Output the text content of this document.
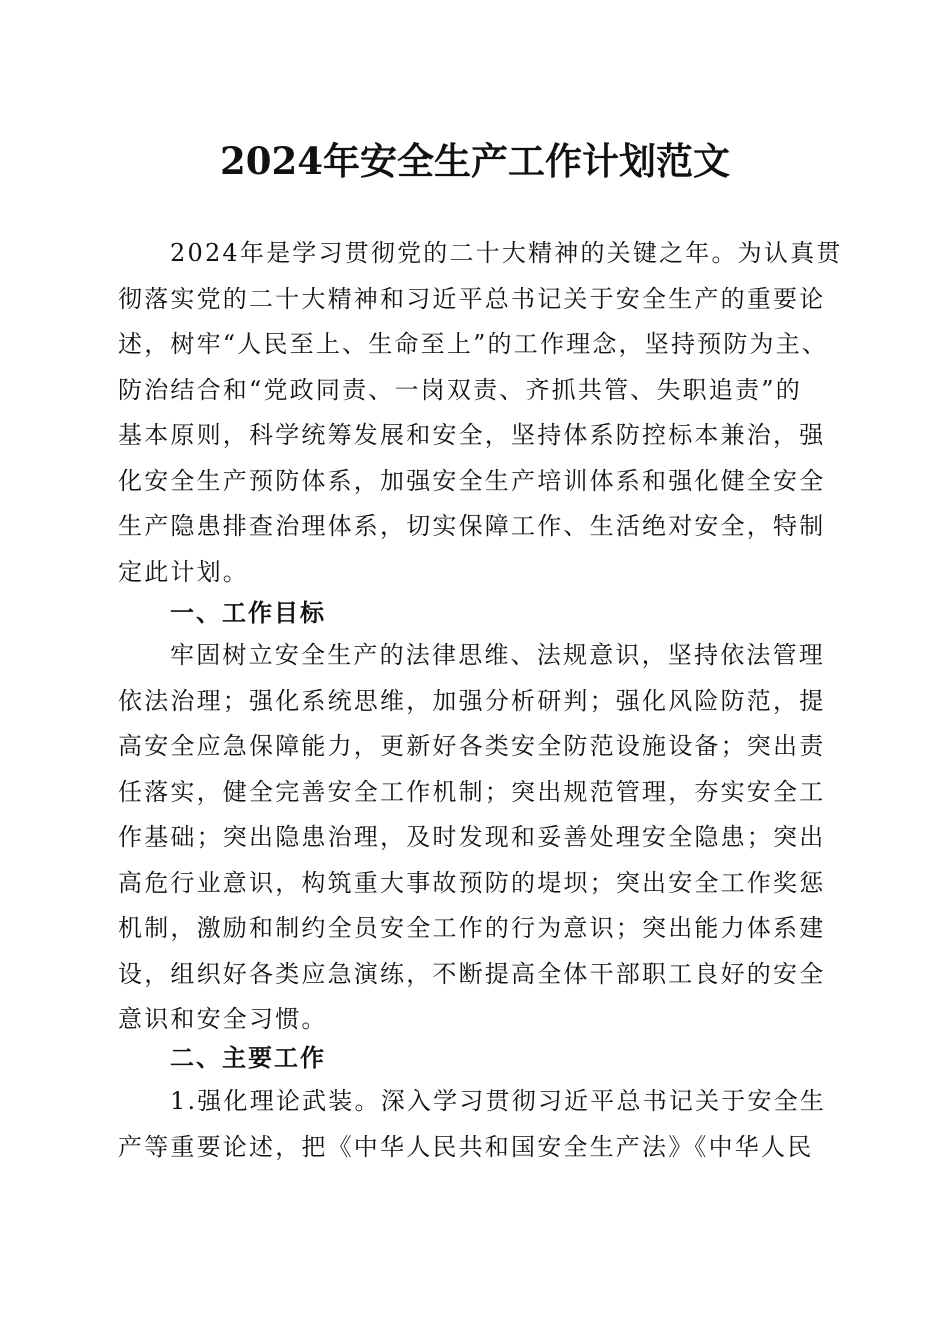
2024年安全生产工作计划范文
2024年是学习贯彻党的二十大精神的关键之年。为认真贯
彻落实党的二十大精神和习近平总书记关于安全生产的重要论
述，树牢“人民至上、生命至上”的工作理念，坚持预防为主、
防治结合和“党政同责、一岗双责、齐抓共管、失职追责”的
基本原则，科学统筹发展和安全，坚持体系防控标本兼治，强
化安全生产预防体系，加强安全生产培训体系和强化健全安全
生产隐患排查治理体系，切实保障工作、生活绝对安全，特制
定此计划。
一、工作目标
牢固树立安全生产的法律思维、法规意识，坚持依法管理
依法治理；强化系统思维，加强分析研判；强化风险防范，提
高安全应急保障能力，更新好各类安全防范设施设备；突出责
任落实，健全完善安全工作机制；突出规范管理，夯实安全工
作基础；突出隐患治理，及时发现和妥善处理安全隐患；突出
高危行业意识，构筑重大事故预防的堤坝；突出安全工作奖惩
机制，激励和制约全员安全工作的行为意识；突出能力体系建
设，组织好各类应急演练，不断提高全体干部职工良好的安全
意识和安全习惯。
二、主要工作
1.强化理论武装。深入学习贯彻习近平总书记关于安全生
产等重要论述，把《中华人民共和国安全生产法》《中华人民
